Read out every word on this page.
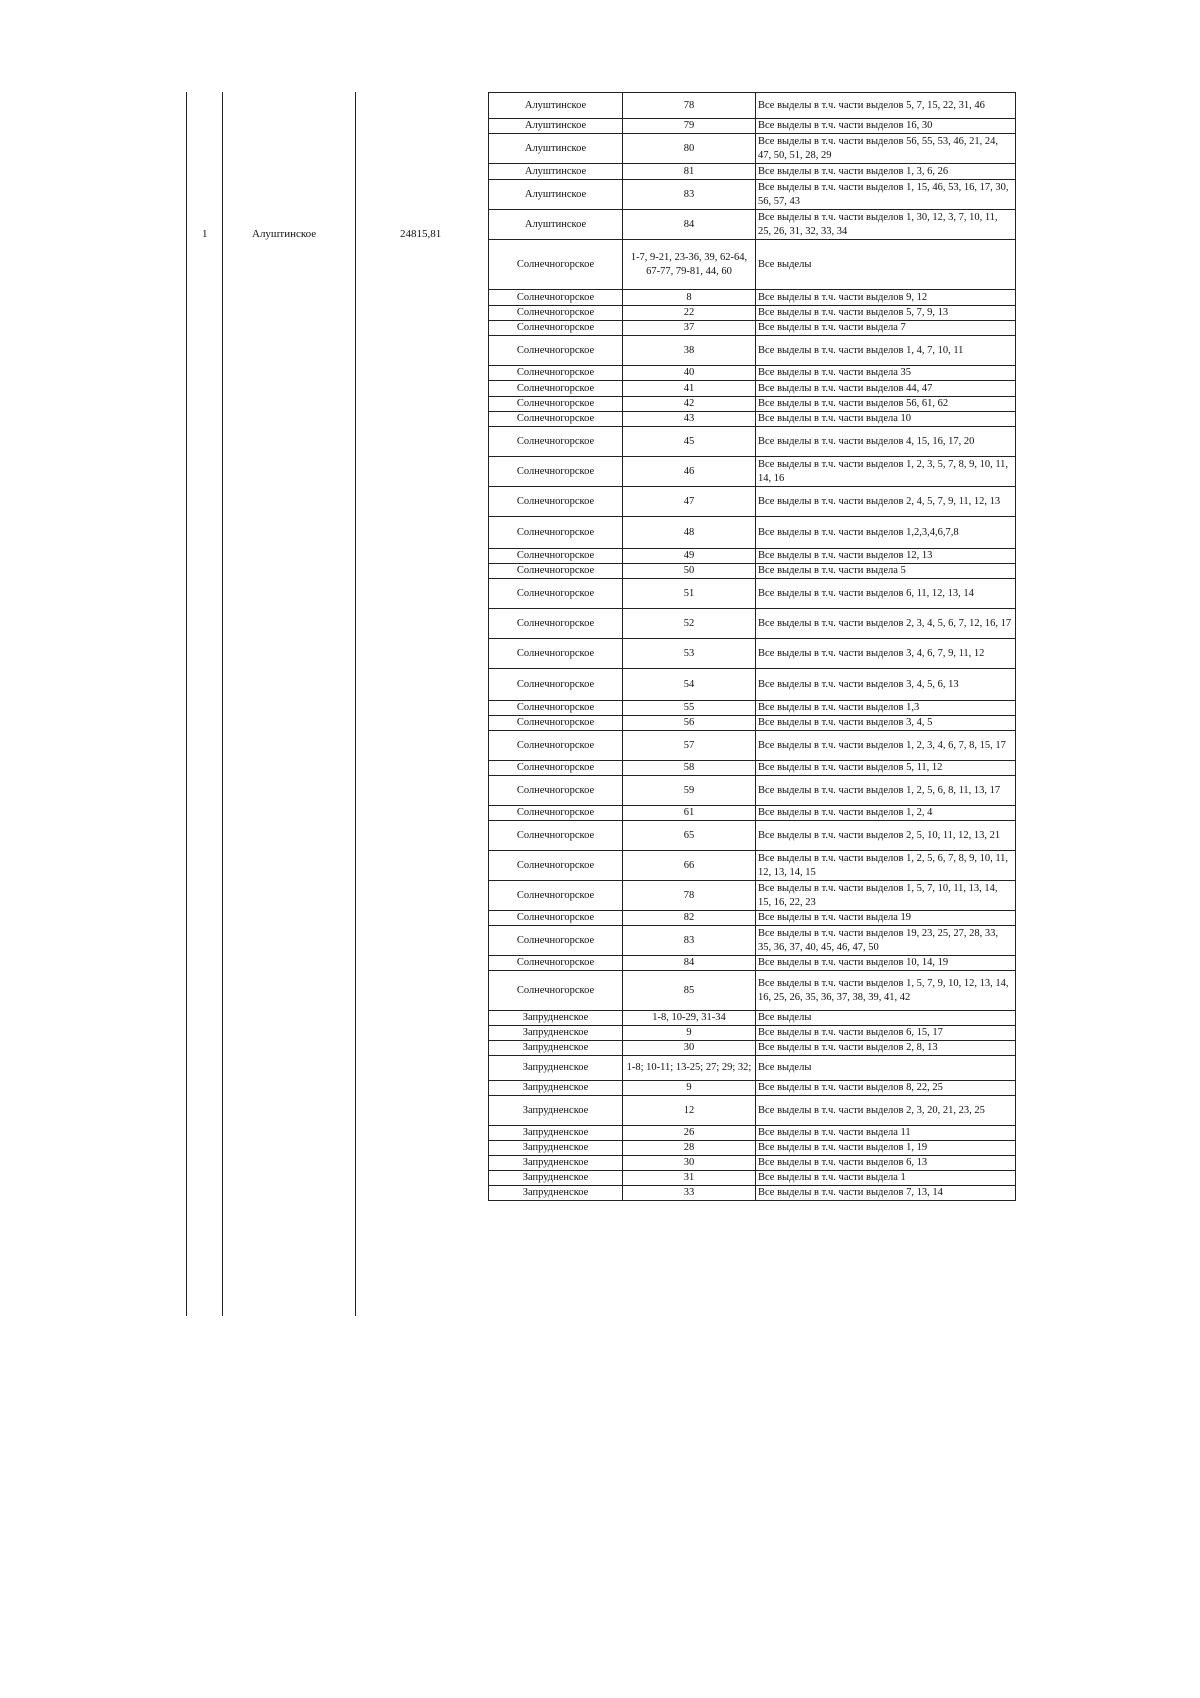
1	Алуштинское	24815,81
Алуштинское	78	Все выделы в т.ч. части выделов 5, 7, 15, 22, 31, 46
Алуштинское	79	Все выделы в т.ч. части выделов 16, 30
Алуштинское	80	Все выделы в т.ч. части выделов 56, 55, 53, 46, 21, 24, 47, 50, 51, 28, 29
Алуштинское	81	Все выделы в т.ч. части выделов 1, 3, 6, 26
Алуштинское	83	Все выделы в т.ч. части выделов 1, 15, 46, 53, 16, 17, 30, 56, 57, 43
Алуштинское	84	Все выделы в т.ч. части выделов 1, 30, 12, 3, 7, 10, 11, 25, 26, 31, 32, 33, 34
Солнечногорское	1-7, 9-21, 23-36, 39, 62-64, 67-77, 79-81, 44, 60	Все выделы
Солнечногорское	8	Все выделы в т.ч. части выделов 9, 12
Солнечногорское	22	Все выделы в т.ч. части выделов 5, 7, 9, 13
Солнечногорское	37	Все выделы в т.ч. части выдела 7
Солнечногорское	38	Все выделы в т.ч. части выделов 1, 4, 7, 10, 11
Солнечногорское	40	Все выделы в т.ч. части выдела 35
Солнечногорское	41	Все выделы в т.ч. части выделов 44, 47
Солнечногорское	42	Все выделы в т.ч. части выделов 56, 61, 62
Солнечногорское	43	Все выделы в т.ч. части выдела 10
Солнечногорское	45	Все выделы в т.ч. части выделов 4, 15, 16, 17, 20
Солнечногорское	46	Все выделы в т.ч. части выделов 1, 2, 3, 5, 7, 8, 9, 10, 11, 14, 16
Солнечногорское	47	Все выделы в т.ч. части выделов 2, 4, 5, 7, 9, 11, 12, 13
Солнечногорское	48	Все выделы в т.ч. части выделов 1,2,3,4,6,7,8
Солнечногорское	49	Все выделы в т.ч. части выделов 12, 13
Солнечногорское	50	Все выделы в т.ч. части выдела 5
Солнечногорское	51	Все выделы в т.ч. части выделов 6, 11, 12, 13, 14
Солнечногорское	52	Все выделы в т.ч. части выделов 2, 3, 4, 5, 6, 7, 12, 16, 17
Солнечногорское	53	Все выделы в т.ч. части выделов 3, 4, 6, 7, 9, 11, 12
Солнечногорское	54	Все выделы в т.ч. части выделов 3, 4, 5, 6, 13
Солнечногорское	55	Все выделы в т.ч. части выделов 1,3
Солнечногорское	56	Все выделы в т.ч. части выделов 3, 4, 5
Солнечногорское	57	Все выделы в т.ч. части выделов 1, 2, 3, 4, 6, 7, 8, 15, 17
Солнечногорское	58	Все выделы в т.ч. части выделов 5, 11, 12
Солнечногорское	59	Все выделы в т.ч. части выделов 1, 2, 5, 6, 8, 11, 13, 17
Солнечногорское	61	Все выделы в т.ч. части выделов 1, 2, 4
Солнечногорское	65	Все выделы в т.ч. части выделов 2, 5, 10, 11, 12, 13, 21
Солнечногорское	66	Все выделы в т.ч. части выделов 1, 2, 5, 6, 7, 8, 9, 10, 11, 12, 13, 14, 15
Солнечногорское	78	Все выделы в т.ч. части выделов 1, 5, 7, 10, 11, 13, 14, 15, 16, 22, 23
Солнечногорское	82	Все выделы в т.ч. части выдела 19
Солнечногорское	83	Все выделы в т.ч. части выделов 19, 23, 25, 27, 28, 33, 35, 36, 37, 40, 45, 46, 47, 50
Солнечногорское	84	Все выделы в т.ч. части выделов 10, 14, 19
Солнечногорское	85	Все выделы в т.ч. части выделов 1, 5, 7, 9, 10, 12, 13, 14, 16, 25, 26, 35, 36, 37, 38, 39, 41, 42
Запрудненское	1-8, 10-29, 31-34	Все выделы
Запрудненское	9	Все выделы в т.ч. части выделов 6, 15, 17
Запрудненское	30	Все выделы в т.ч. части выделов 2, 8, 13
Запрудненское	1-8; 10-11; 13-25; 27; 29; 32;	Все выделы
Запрудненское	9	Все выделы в т.ч. части выделов 8, 22, 25
Запрудненское	12	Все выделы в т.ч. части выделов 2, 3, 20, 21, 23, 25
Запрудненское	26	Все выделы в т.ч. части выдела 11
Запрудненское	28	Все выделы в т.ч. части выделов 1, 19
Запрудненское	30	Все выделы в т.ч. части выделов 6, 13
Запрудненское	31	Все выделы в т.ч. части выдела 1
Запрудненское	33	Все выделы в т.ч. части выделов 7, 13, 14
